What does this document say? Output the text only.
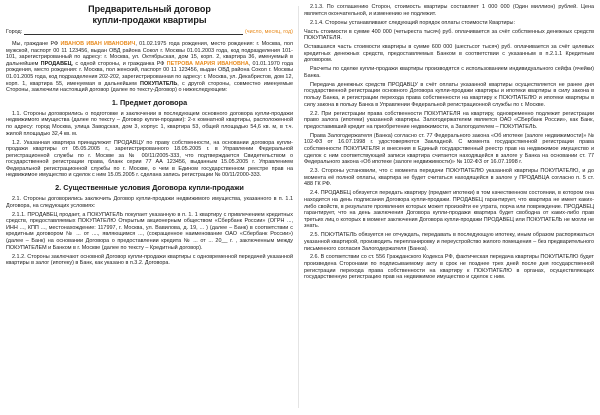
Предварительный договор
купли-продажи квартиры
Город:	(число, месяц, год)

Мы, граждане РФ ИВАНОВ ИВАН ИВАНОВИЧ, 01.02.1975 года рождения, место рождения: г. Москва, пол мужской, паспорт 00 11 123456, выдан ОВД района Сокол г. Москвы 01.01.2003 года, код подразделения 101-101, зарегистрированный по адресу: г. Москва, ул. Октябрьская, дом 15, корп. 2, квартира 36, именуемый в дальнейшем ПРОДАВЕЦ, с одной стороны, и гражданка РФ ПЕТРОВА МАРИЯ ИВАНОВНА, 01.01.1970 года рождения, место рождения: г. Москва, пол женский, паспорт 00 11 123456, выдан ОВД района Сокол г. Москвы 01.01.2005 года, код подразделения 202-202, зарегистрированная по адресу: г. Москва, ул. Декабристов, дом 12, корп. 1, квартира 55, именуемая в дальнейшем ПОКУПАТЕЛЬ, с другой стороны, совместно именуемые Стороны, заключили настоящий договор (далее по тексту-Договор) о нижеследующем:

1. Предмет договора

1.1. Стороны договорились о подготовке и заключении в последующем основного договора купли-продажи недвижимого имущества (далее по тексту – Договор купли-продажи): 2-х комнатной квартиры, расположенной по адресу: город Москва, улица Заводская, дом 3, корпус 1, квартира 53, общей площадью 54,6 кв. м, в т.ч. жилой площадью 32,4 кв. м.

1.2. Указанная квартира принадлежит ПРОДАВЦУ по праву собственности, на основании договора купли-продажи квартиры от 05.05.2005 г., зарегистрированного 18.05.2005 г. в Управлении Федеральной регистрационной службы по г. Москве за № 00/11/2005-333, что подтверждается Свидетельством о государственной регистрации права, бланк серии 77 АА 123456, выданным 15.05.2005 г. Управлением Федеральной регистрационной службы по г. Москве, о чем в Едином государственном реестре прав на недвижимое имущество и сделок с ним 15.05.2005 г. сделана запись регистрации № 00/11/2000-333.

2. Существенные условия Договора купли-продажи

2.1. Стороны договорились заключить Договор купли-продажи недвижимого имущества, указанного в п. 1.1 Договора, на следующих условиях:

2.1.1. ПРОДАВЕЦ продает, а ПОКУПАТЕЛЬ покупает указанную в п. 1. 1 квартиру с привлечением кредитных средств, предоставляемых ПОКУПАТЕЛЮ Открытым акционерным обществом «Сбербанк России» (ОГРН ..., ИНН ..., КПП ..., местонахождение: 117997, г. Москва, ул. Вавилова, д. 19, ... ) (далее – Банк) в соответствии с кредитным договором № ... от ...., являющимся ..., (сокращенное наименование ОАО «Сбербанк России») (далее – Банк) на основании Договора о предоставлении кредита № ... от ... 20__ г. , заключенным между ПОКУПАТЕЛЕМ и Банком в г. Москве (далее по тексту – Кредитный договор).

2.1.2. Стороны заключают основной Договор купли-продажи квартиры с одновременной передачей указанной квартиры в залог (ипотеку) в Банк, как указано в п.3.2. Договора.

2.1.3. По соглашению Сторон, стоимость квартиры составляет 1 000 000 (Один миллион) рублей. Цена является окончательной, и изменению не подлежит.

2.1.4. Стороны устанавливают следующий порядок оплаты стоимости Квартиры:

Часть стоимости в сумме 400 000 (четыреста тысяч) руб. оплачивается за счёт собственных денежных средств ПОКУПАТЕЛЯ.

Оставшаяся часть стоимости квартиры в сумме 600 000 (шестьсот тысяч) руб. оплачивается за счёт целевых кредитных денежных средств, предоставляемых Банком в соответствии с указанным в п.2.1.1 Кредитным договором.

Расчеты по сделке купли-продажи квартиры производятся с использованием индивидуального сейфа (ячейки) Банка.

Передача денежных средств ПРОДАВЦУ в счёт оплаты указанной квартиры осуществляется не ранее дня государственной регистрации основного Договора купли-продажи квартиры и ипотеки квартиры в силу закона в пользу Банка, и регистрации перехода права собственности на квартиру к ПОКУПАТЕЛЮ и ипотеки квартиры в силу закона в пользу Банка в Управлении Федеральной регистрационной службы по г. Москве.

2.2. При регистрации права собственности ПОКУПАТЕЛЯ на квартиру, одновременно подлежит регистрации право залога (ипотеки) указанной квартиры. Залогодержателем является ОАО «СБербанк России», как Банк, предоставивший кредит на приобретение недвижимости, а Залогодателем – ПОКУПАТЕЛЬ.

Права Залогодержателя (Банка) согласно ст. 77 Федерального закона «Об ипотеке (залоге недвижимости)» № 102-ФЗ от 16.07.1998 г. удостоверяются Закладной. С момента государственной регистрации права собственности ПОКУПАТЕЛЯ и внесения в Единый государственный реестр прав на недвижимое имущество и сделок с ним соответствующей записи квартира считается находящейся в залоге у Банка на основании ст. 77 Федерального закона «Об ипотеке (залоге недвижимости)» № 102-ФЗ от 16.07.1998 г.

2.3. Стороны установили, что с момента передачи ПОКУПАТЕЛЮ указанной квартиры ПОКУПАТЕЛЮ, и до момента её полной оплаты, квартира не будет считаться находящейся в залоге у ПРОДАВЦА согласно п. 5 ст. 488 ГК РФ.

2.4. ПРОДАВЕЦ обязуется передать квартиру (предмет ипотеки) в том качественном состоянии, в котором она находится на день подписания Договора купли-продажи. ПРОДАВЕЦ гарантирует, что квартира не имеет каких-либо свойств, в результате проявления которых может произойти ее утрата, порча или повреждение. ПРОДАВЕЦ гарантирует, что на день заключения Договора купли-продажи квартира будет свободна от каких-либо прав третьих лиц о которых в момент заключения Договора купли-продажи ПРОДАВЕЦ или ПОКУПАТЕЛЬ не могли не знать.

2.5. ПОКУПАТЕЛЬ обязуется не отчуждать, передавать в последующую ипотеку, иным образом распоряжаться указанной квартирой, производить перепланировку и переустройство жилого помещения – без предварительного письменного согласия Залогодержателя (Банка).

2.6. В соответствии со ст. 556 Гражданского Кодекса РФ, фактическая передача квартиры ПОКУПАТЕЛЮ будет произведена Сторонами по подписываемому акту в срок не позднее трех дней после дня государственной регистрации перехода права собственности на квартиру к ПОКУПАТЕЛЮ в органах, осуществляющих государственную регистрацию прав на недвижимое имущество и сделок с ним.
